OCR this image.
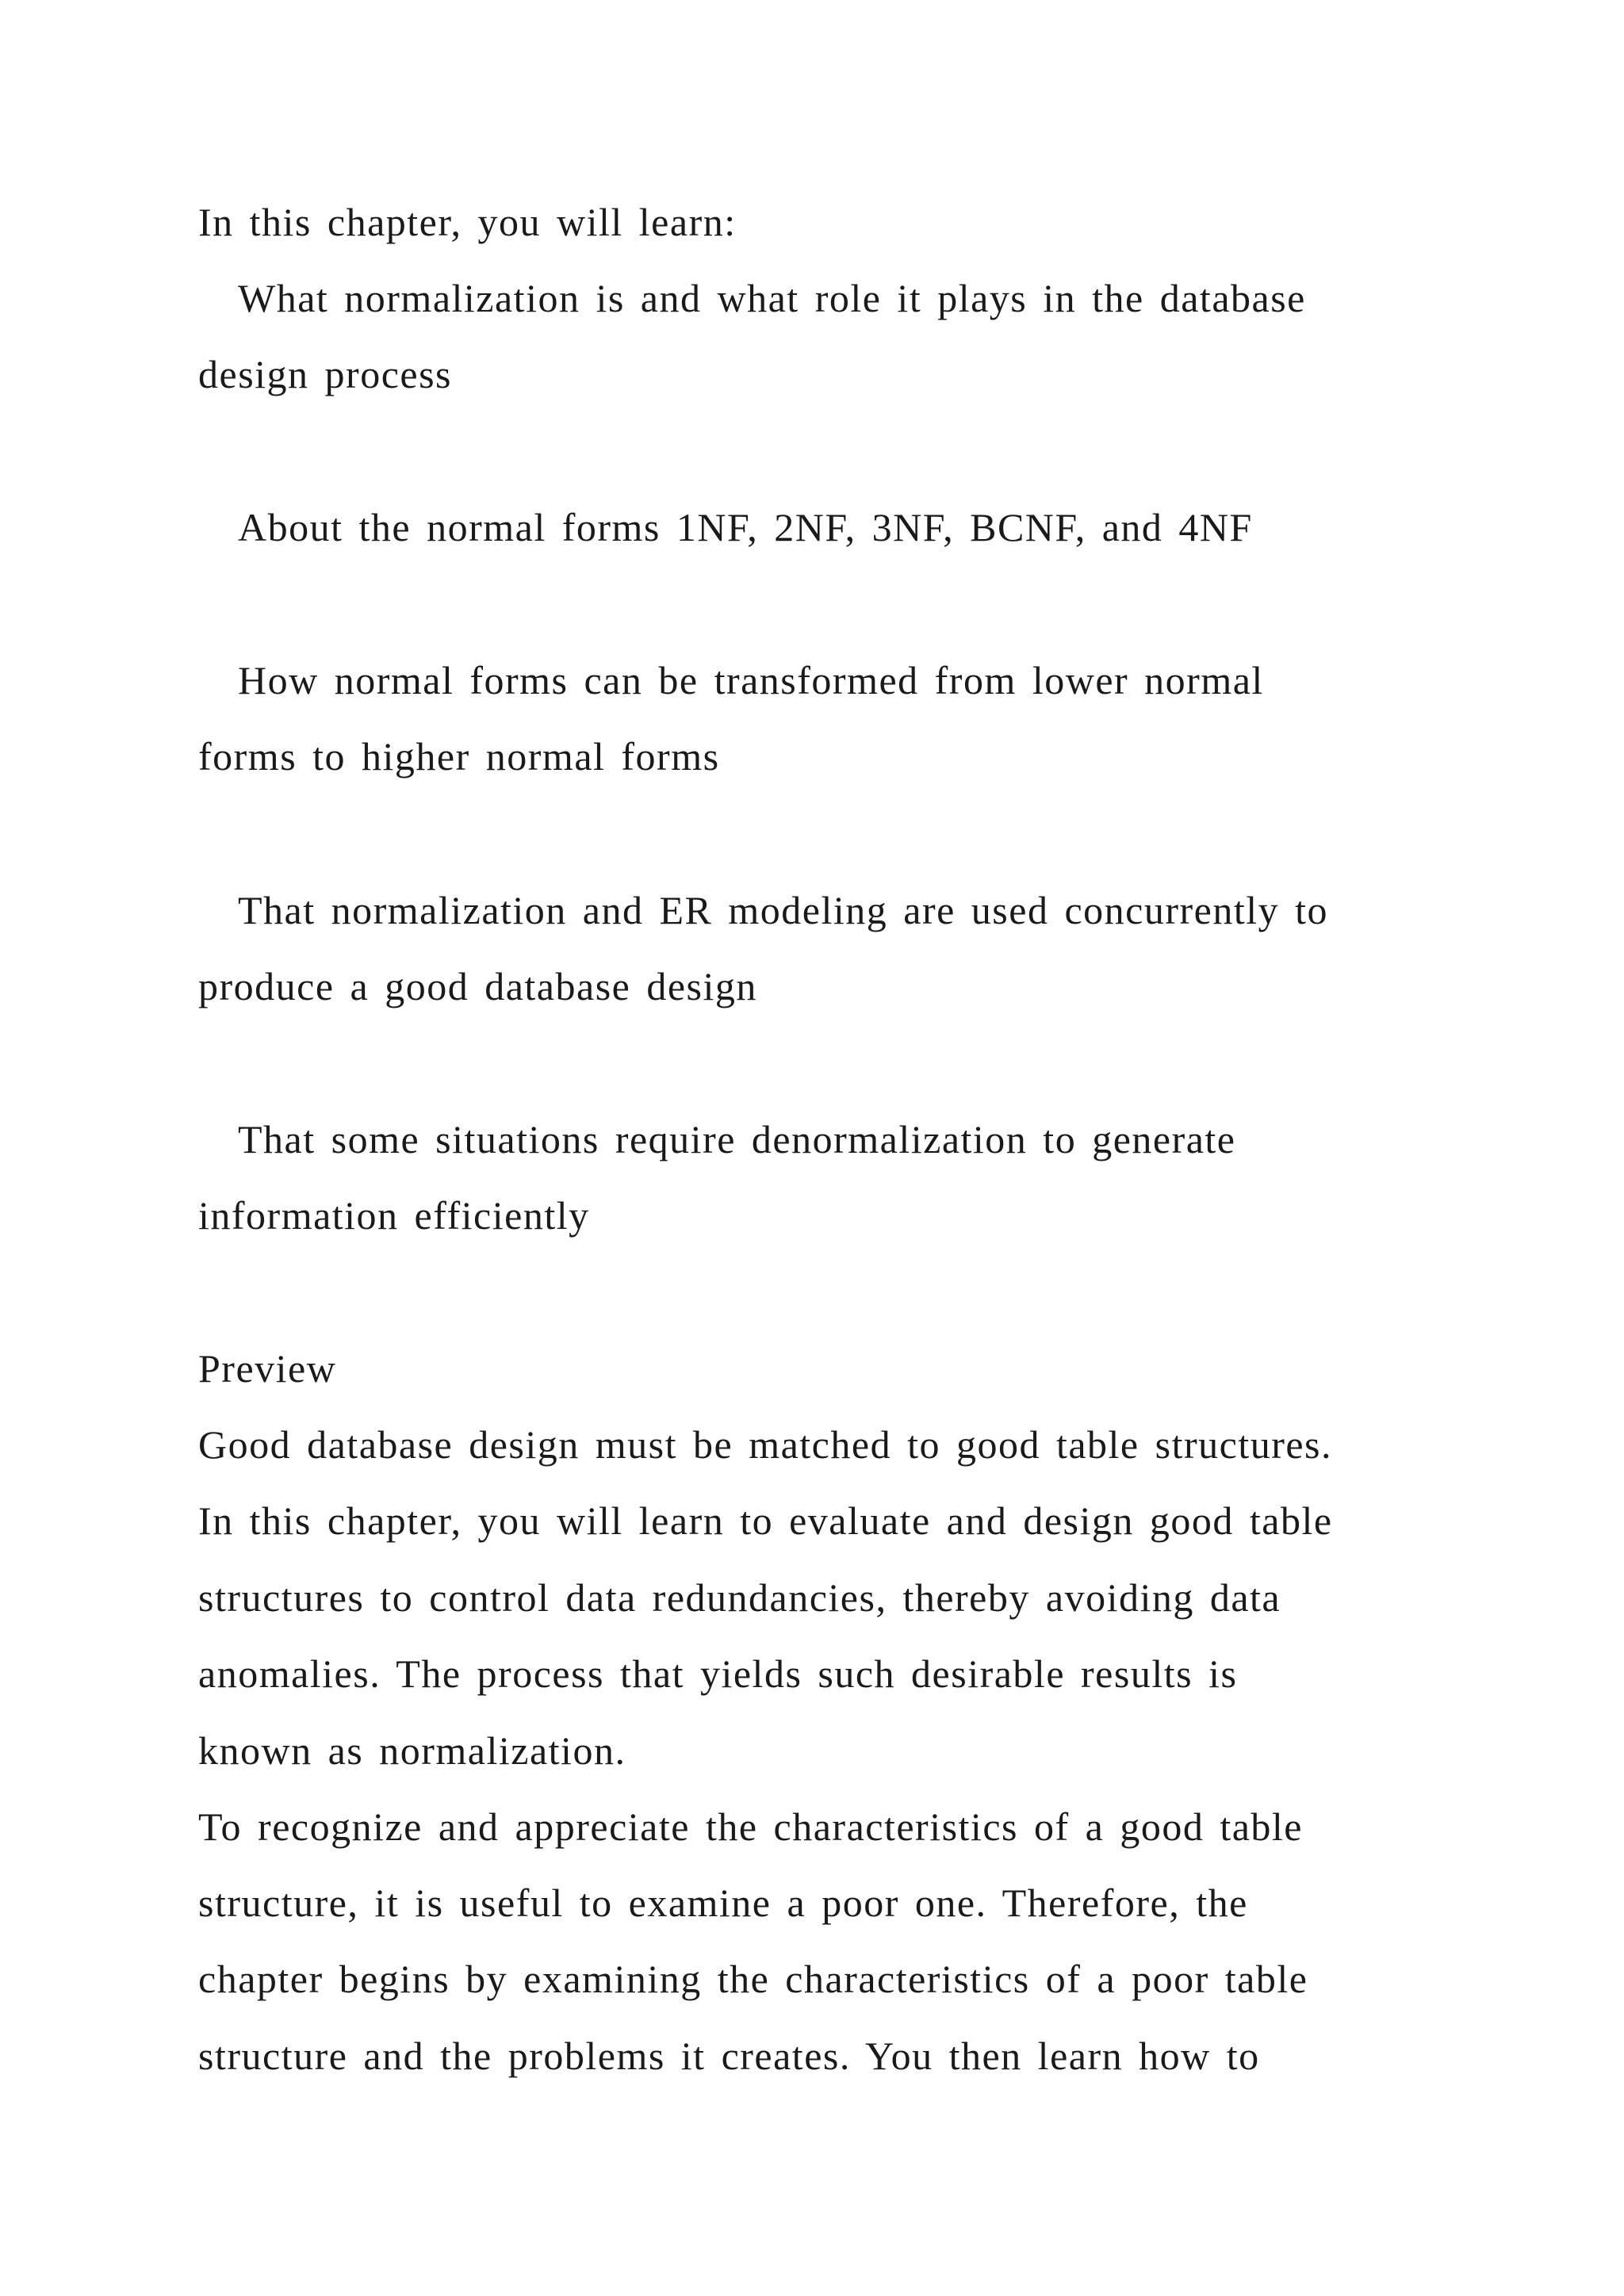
In this chapter, you will learn:
What normalization is and what role it plays in the database
design process
About the normal forms 1NF, 2NF, 3NF, BCNF, and 4NF
How normal forms can be transformed from lower normal
forms to higher normal forms
That normalization and ER modeling are used concurrently to
produce a good database design
That some situations require denormalization to generate
information efficiently
Preview
Good database design must be matched to good table structures.
In this chapter, you will learn to evaluate and design good table
structures to control data redundancies, thereby avoiding data
anomalies. The process that yields such desirable results is
known as normalization.
To recognize and appreciate the characteristics of a good table
structure, it is useful to examine a poor one. Therefore, the
chapter begins by examining the characteristics of a poor table
structure and the problems it creates. You then learn how to
